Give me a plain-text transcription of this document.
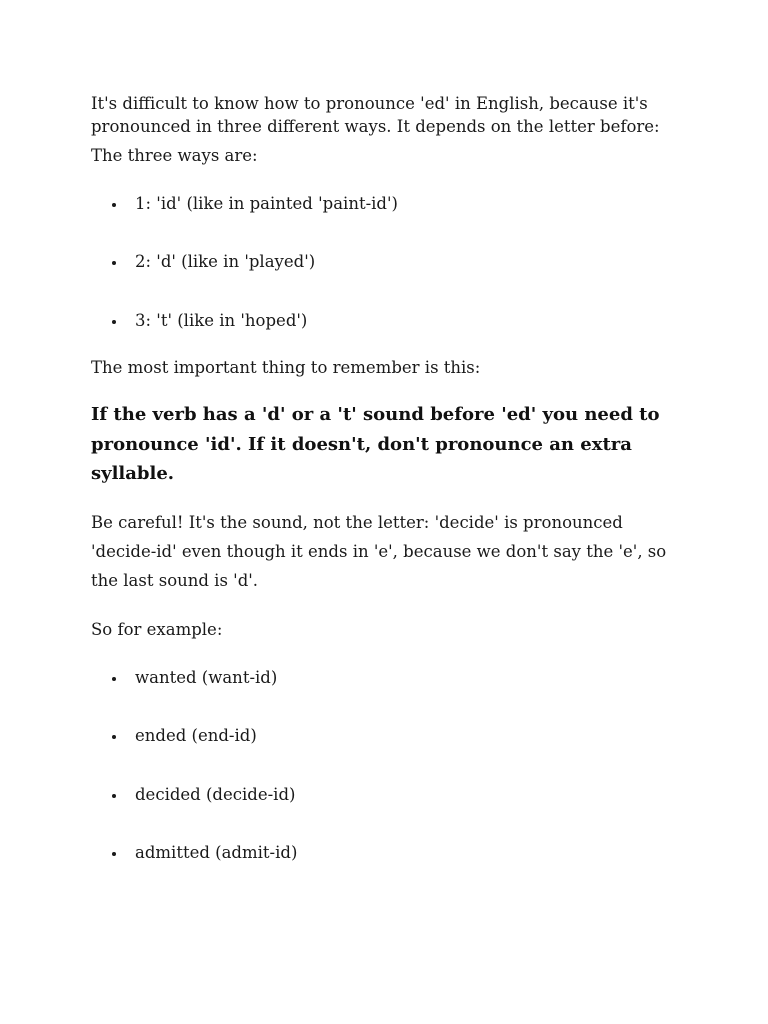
It's difficult to know how to pronounce 'ed' in English, because it's
pronounced in three different ways. It depends on the letter before:
The three ways are:
1: 'id' (like in painted 'paint-id')
2: 'd' (like in 'played')
3: 't' (like in 'hoped')
The most important thing to remember is this:
If the verb has a 'd' or a 't' sound before 'ed' you need to
pronounce 'id'. If it doesn't, don't pronounce an extra
syllable.
Be careful! It's the sound, not the letter: 'decide' is pronounced
'decide-id' even though it ends in 'e', because we don't say the 'e', so
the last sound is 'd'.
So for example:
wanted (want-id)
ended (end-id)
decided (decide-id)
admitted (admit-id)
